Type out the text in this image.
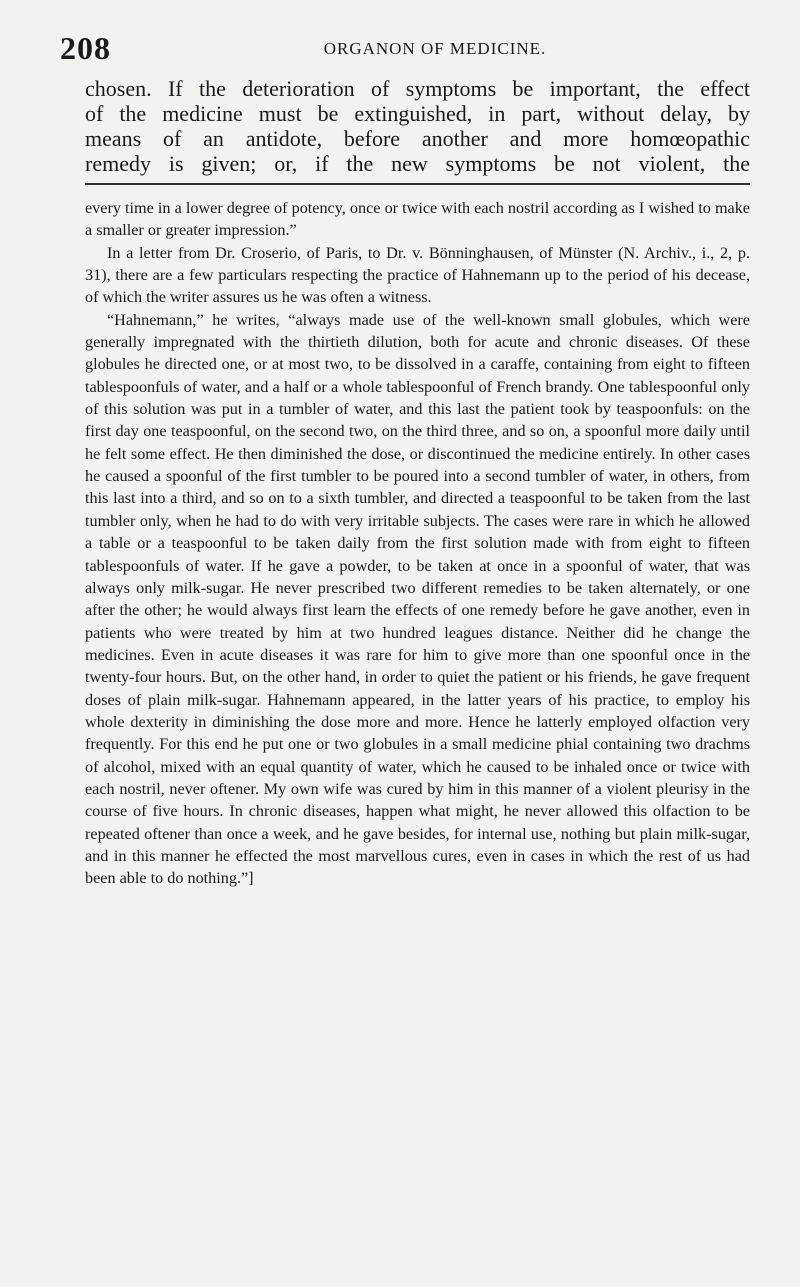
208	ORGANON OF MEDICINE.
chosen. If the deterioration of symptoms be important, the effect
of the medicine must be extinguished, in part, without delay, by
means of an antidote, before another and more homœopathic
remedy is given; or, if the new symptoms be not violent, the

every time in a lower degree of potency, once or twice with each nostril according as I wished to make a smaller or greater impression.”

In a letter from Dr. Croserio, of Paris, to Dr. v. Bönninghausen, of Münster (N. Archiv., i., 2, p. 31), there are a few particulars respecting the practice of Hahnemann up to the period of his decease, of which the writer assures us he was often a witness.

“Hahnemann,” he writes, “always made use of the well-known small globules, which were generally impregnated with the thirtieth dilution, both for acute and chronic diseases. Of these globules he directed one, or at most two, to be dissolved in a caraffe, containing from eight to fifteen tablespoonfuls of water, and a half or a whole tablespoonful of French brandy. One tablespoonful only of this solution was put in a tumbler of water, and this last the patient took by teaspoonfuls: on the first day one teaspoonful, on the second two, on the third three, and so on, a spoonful more daily until he felt some effect. He then diminished the dose, or discontinued the medicine entirely. In other cases he caused a spoonful of the first tumbler to be poured into a second tumbler of water, in others, from this last into a third, and so on to a sixth tumbler, and directed a teaspoonful to be taken from the last tumbler only, when he had to do with very irritable subjects. The cases were rare in which he allowed a table or a teaspoonful to be taken daily from the first solution made with from eight to fifteen tablespoonfuls of water. If he gave a powder, to be taken at once in a spoonful of water, that was always only milk-sugar. He never prescribed two different remedies to be taken alternately, or one after the other; he would always first learn the effects of one remedy before he gave another, even in patients who were treated by him at two hundred leagues distance. Neither did he change the medicines. Even in acute diseases it was rare for him to give more than one spoonful once in the twenty-four hours. But, on the other hand, in order to quiet the patient or his friends, he gave frequent doses of plain milk-sugar. Hahnemann appeared, in the latter years of his practice, to employ his whole dexterity in diminishing the dose more and more. Hence he latterly employed olfaction very frequently. For this end he put one or two globules in a small medicine phial containing two drachms of alcohol, mixed with an equal quantity of water, which he caused to be inhaled once or twice with each nostril, never oftener. My own wife was cured by him in this manner of a violent pleurisy in the course of five hours. In chronic diseases, happen what might, he never allowed this olfaction to be repeated oftener than once a week, and he gave besides, for internal use, nothing but plain milk-sugar, and in this manner he effected the most marvellous cures, even in cases in which the rest of us had been able to do nothing.”]
